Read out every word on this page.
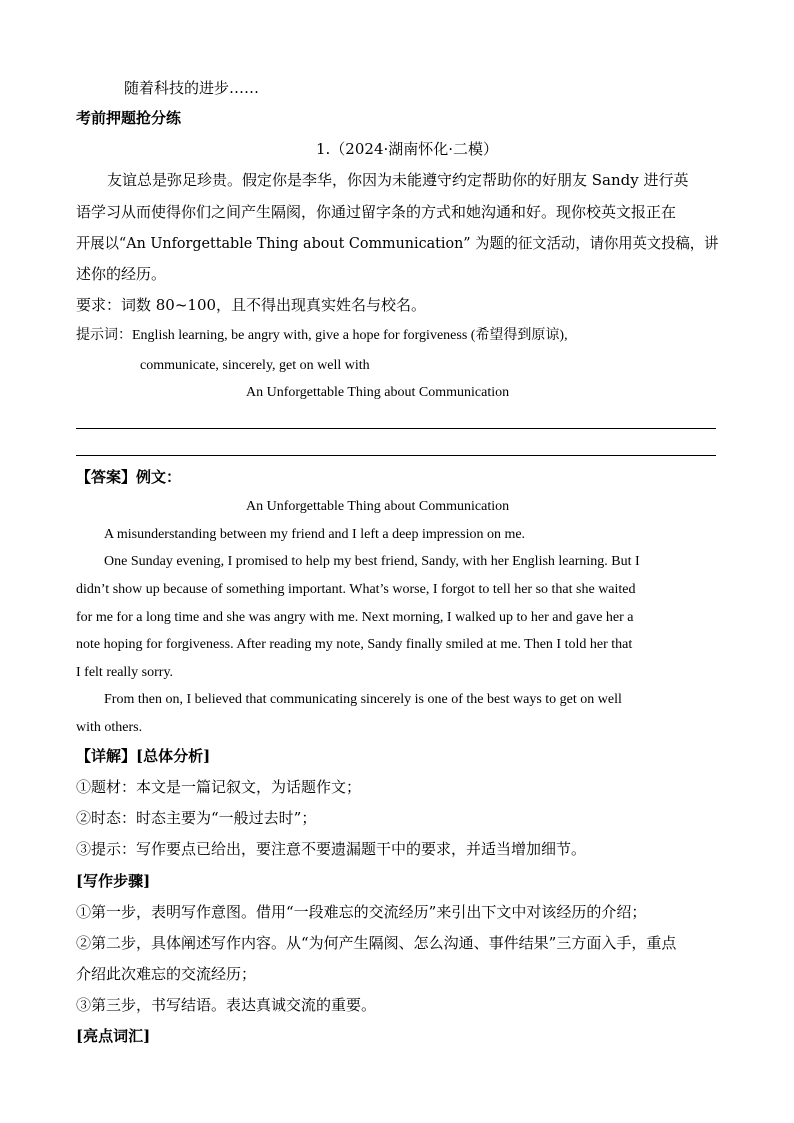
随着科技的进步……
考前押题抢分练
1.（2024·湖南怀化·二模）
友谊总是弥足珍贵。假定你是李华，你因为未能遵守约定帮助你的好朋友 Sandy 进行英
语学习从而使得你们之间产生隔阂，你通过留字条的方式和她沟通和好。现你校英文报正在
开展以“An Unforgettable Thing about Communication” 为题的征文活动，请你用英文投稿，讲
述你的经历。
要求：词数 80~100，且不得出现真实姓名与校名。
提示词：English learning, be angry with, give a hope for forgiveness (希望得到原谅),
communicate, sincerely, get on well with
An Unforgettable Thing about Communication
【答案】例文：
An Unforgettable Thing about Communication
A misunderstanding between my friend and I left a deep impression on me.
One Sunday evening, I promised to help my best friend, Sandy, with her English learning. But I
didn’t show up because of something important. What’s worse, I forgot to tell her so that she waited
for me for a long time and she was angry with me. Next morning, I walked up to her and gave her a
note hoping for forgiveness. After reading my note, Sandy finally smiled at me. Then I told her that
I felt really sorry.
From then on, I believed that communicating sincerely is one of the best ways to get on well
with others.
【详解】[总体分析]
①题材：本文是一篇记叙文，为话题作文；
②时态：时态主要为“一般过去时”；
③提示：写作要点已给出，要注意不要遗漏题干中的要求，并适当增加细节。
[写作步骤]
①第一步，表明写作意图。借用“一段难忘的交流经历”来引出下文中对该经历的介绍；
②第二步，具体阐述写作内容。从“为何产生隔阂、怎么沟通、事件结果”三方面入手，重点
介绍此次难忘的交流经历；
③第三步，书写结语。表达真诚交流的重要。
[亮点词汇]
